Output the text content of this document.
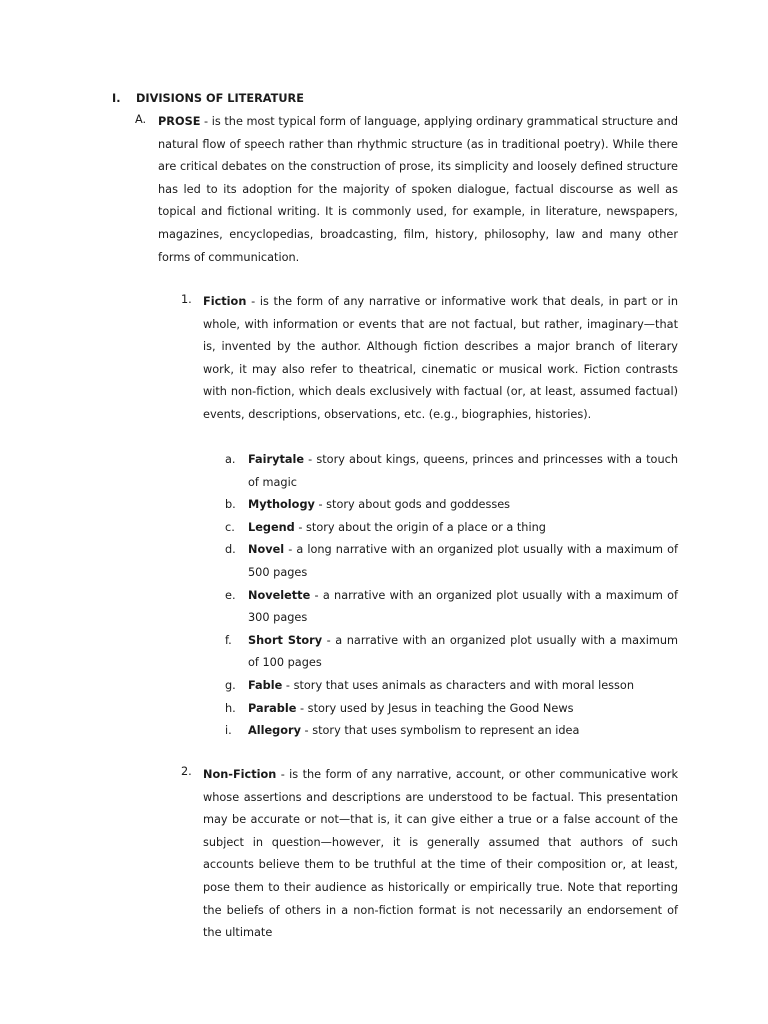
I. DIVISIONS OF LITERATURE
A. PROSE - is the most typical form of language, applying ordinary grammatical structure and natural flow of speech rather than rhythmic structure (as in traditional poetry). While there are critical debates on the construction of prose, its simplicity and loosely defined structure has led to its adoption for the majority of spoken dialogue, factual discourse as well as topical and fictional writing. It is commonly used, for example, in literature, newspapers, magazines, encyclopedias, broadcasting, film, history, philosophy, law and many other forms of communication.
1. Fiction - is the form of any narrative or informative work that deals, in part or in whole, with information or events that are not factual, but rather, imaginary—that is, invented by the author. Although fiction describes a major branch of literary work, it may also refer to theatrical, cinematic or musical work. Fiction contrasts with non-fiction, which deals exclusively with factual (or, at least, assumed factual) events, descriptions, observations, etc. (e.g., biographies, histories).
a.	Fairytale - story about kings, queens, princes and princesses with a touch of magic
b.	Mythology - story about gods and goddesses
c.	Legend - story about the origin of a place or a thing
d.	Novel - a long narrative with an organized plot usually with a maximum of 500 pages
e.	Novelette - a narrative with an organized plot usually with a maximum of 300 pages
f.	Short Story - a narrative with an organized plot usually with a maximum of 100 pages
g.	Fable - story that uses animals as characters and with moral lesson
h.	Parable - story used by Jesus in teaching the Good News
i.	Allegory - story that uses symbolism to represent an idea
2. Non-Fiction - is the form of any narrative, account, or other communicative work whose assertions and descriptions are understood to be factual. This presentation may be accurate or not—that is, it can give either a true or a false account of the subject in question—however, it is generally assumed that authors of such accounts believe them to be truthful at the time of their composition or, at least, pose them to their audience as historically or empirically true. Note that reporting the beliefs of others in a non-fiction format is not necessarily an endorsement of the ultimate
